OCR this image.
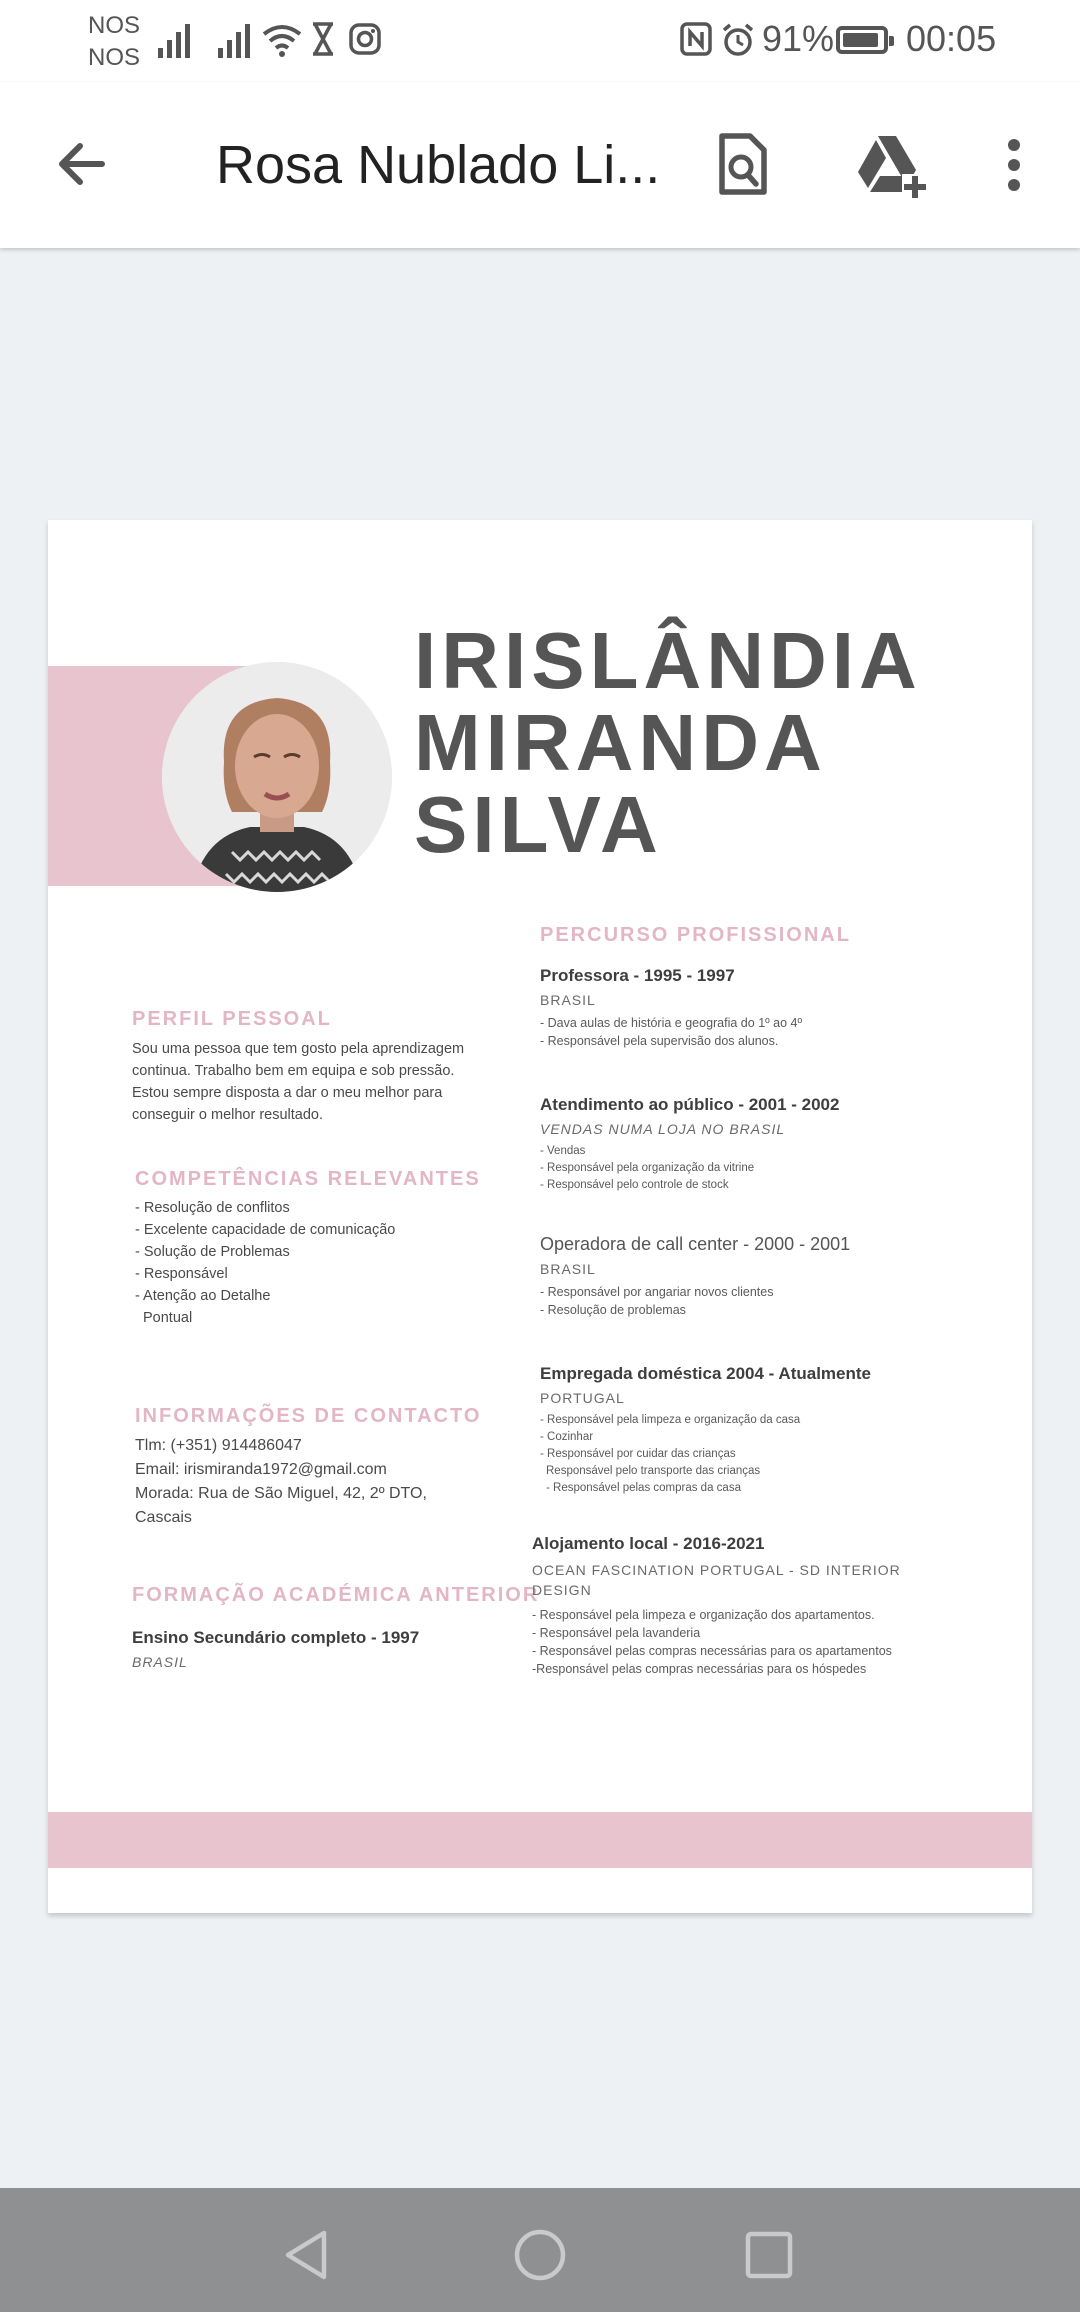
NOS
NOS	91% 00:05
Rosa Nublado Li...
IRISLÂNDIA
MIRANDA
SILVA
PERFIL PESSOAL
Sou uma pessoa que tem gosto pela aprendizagem continua. Trabalho bem em equipa e sob pressão. Estou sempre disposta a dar o meu melhor para conseguir o melhor resultado.
COMPETÊNCIAS RELEVANTES
- Resolução de conflitos
- Excelente capacidade de comunicação
- Solução de Problemas
- Responsável
- Atenção ao Detalhe
Pontual
INFORMAÇÕES DE CONTACTO
Tlm: (+351) 914486047
Email: irismiranda1972@gmail.com
Morada: Rua de São Miguel, 42, 2º DTO, Cascais
FORMAÇÃO ACADÉMICA ANTERIOR
Ensino Secundário completo - 1997
BRASIL
PERCURSO PROFISSIONAL
Professora - 1995 - 1997
BRASIL
- Dava aulas de história e geografia do 1º ao 4º
- Responsável pela supervisão dos alunos.
Atendimento ao público - 2001 - 2002
VENDAS NUMA LOJA NO BRASIL
- Vendas
- Responsável pela organização da vitrine
- Responsável pelo controle de stock
Operadora de call center - 2000 - 2001
BRASIL
- Responsável por angariar novos clientes
- Resolução de problemas
Empregada doméstica 2004 - Atualmente
PORTUGAL
- Responsável pela limpeza e organização da casa
- Cozinhar
- Responsável por cuidar das crianças
Responsável pelo transporte das crianças
- Responsável pelas compras da casa
Alojamento local - 2016-2021
OCEAN FASCINATION PORTUGAL - SD INTERIOR DESIGN
- Responsável pela limpeza e organização dos apartamentos.
- Responsável pela lavanderia
- Responsável pelas compras necessárias para os apartamentos
-Responsável pelas compras necessárias para os hóspedes
